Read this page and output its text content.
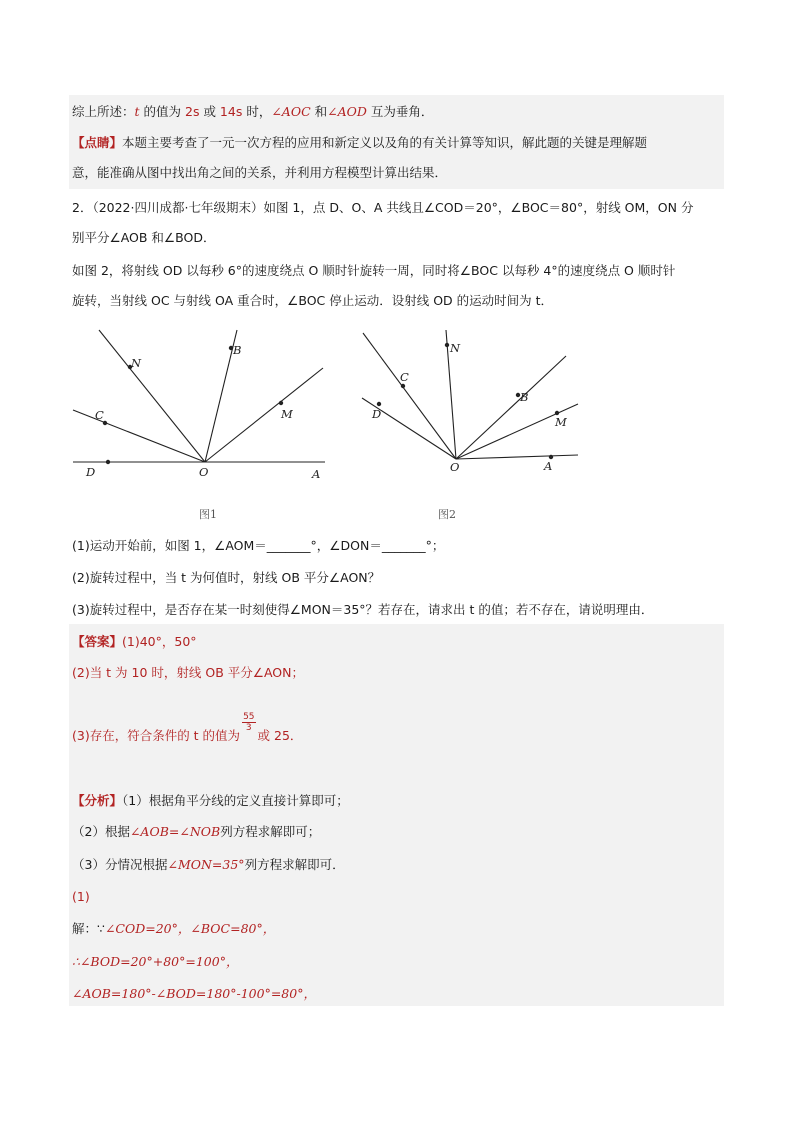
综上所述：t 的值为 2s 或 14s 时，∠AOC 和∠AOD 互为垂角．
【点睛】本题主要考查了一元一次方程的应用和新定义以及角的有关计算等知识，解此题的关键是理解题
意，能准确从图中找出角之间的关系，并利用方程模型计算出结果．
2．（2022·四川成都·七年级期末）如图 1，点 D、O、A 共线且∠COD＝20°，∠BOC＝80°，射线 OM，ON 分
别平分∠AOB 和∠BOD．
如图 2，将射线 OD 以每秒 6°的速度绕点 O 顺时针旋转一周，同时将∠BOC 以每秒 4°的速度绕点 O 顺时针
旋转，当射线 OC 与射线 OA 重合时，∠BOC 停止运动．设射线 OD 的运动时间为 t．
N
B
C	M
D	O	A
图1
N
C
D
B
M
O	A
图2
(1)运动开始前，如图 1，∠AOM＝_______°，∠DON＝_______°；
(2)旋转过程中，当 t 为何值时，射线 OB 平分∠AON？
(3)旋转过程中，是否存在某一时刻使得∠MON＝35°？若存在，请求出 t 的值；若不存在，请说明理由．
【答案】(1)40°，50°
(2)当 t 为 10 时，射线 OB 平分∠AON；
(3)存在，符合条件的 t 的值为
$\frac{55}{3}$
或 25．
【分析】（1）根据角平分线的定义直接计算即可；
（2）根据∠AOB=∠NOB列方程求解即可；
（3）分情况根据∠MON=35°列方程求解即可．
(1)
解：∵∠COD=20°，∠BOC=80°，
∴∠BOD=20°+80°=100°，
∠AOB=180°-∠BOD=180°-100°=80°，
